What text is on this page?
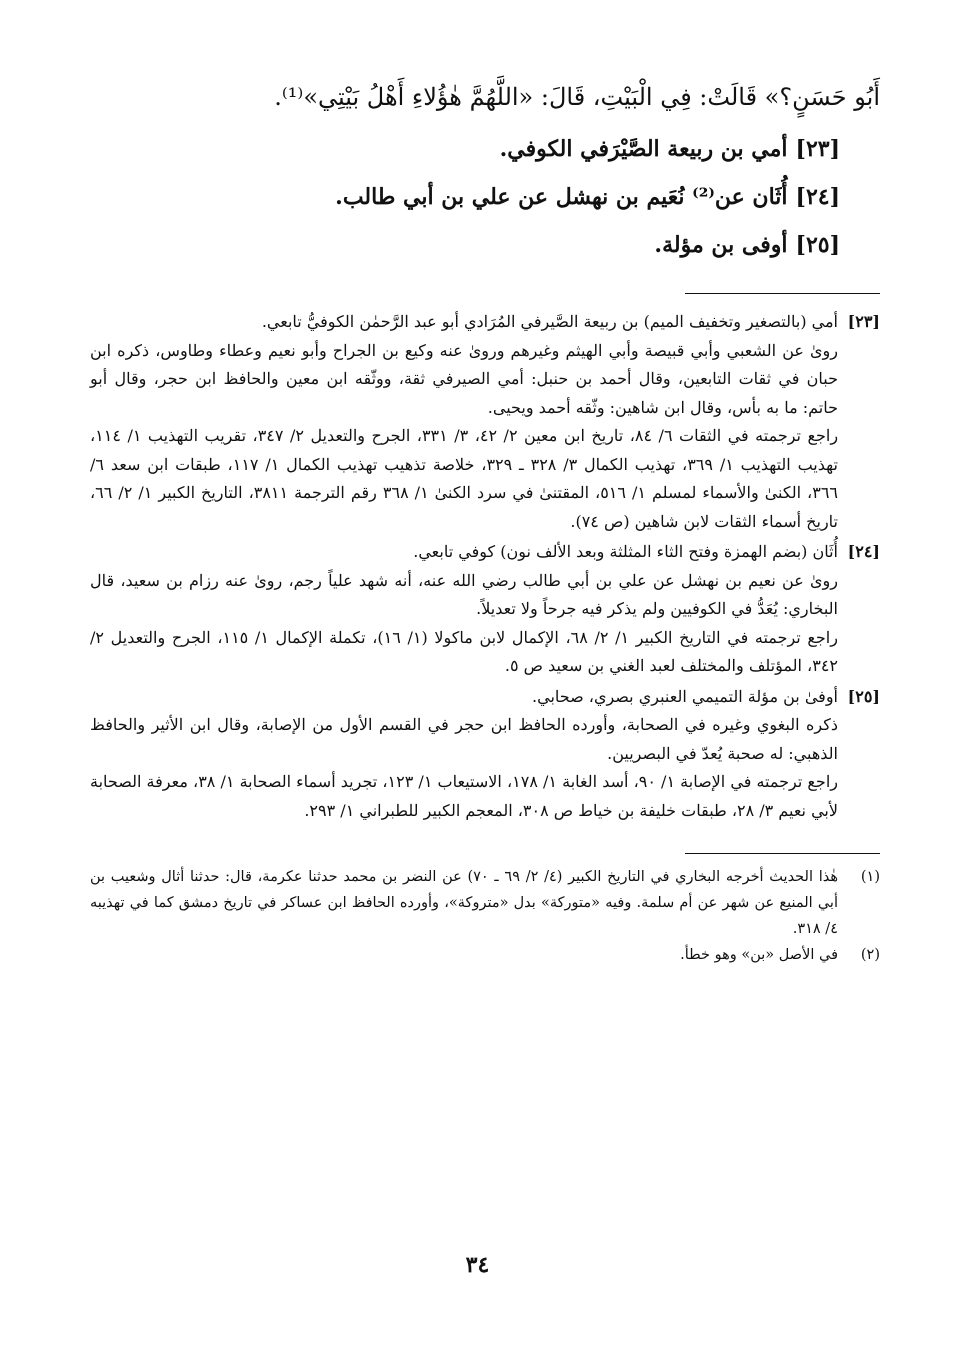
أَبُو حَسَنٍ؟» قَالَتْ: فِي الْبَيْتِ، قَالَ: «اللَّهُمَّ هٰؤُلاءِ أَهْلُ بَيْتِي»⁽¹⁾.

[٢٣]أمي بن ربيعة الصَّيْرَفي الكوفي.

[٢٤]أُثَان عن⁽²⁾ نُعَيم بن نهشل عن علي بن أبي طالب.

[٢٥]أوفى بن مؤلة.

[٢٣]

أمي (بالتصغير وتخفيف الميم) بن ربيعة الصَّيرفي المُرَادي أبو عبد الرَّحمٰن الكوفيُّ تابعي.

روىٰ عن الشعبي وأبي قبيصة وأبي الهيثم وغيرهم وروىٰ عنه وكيع بن الجراح وأبو نعيم وعطاء وطاوس، ذكره ابن حبان في ثقات التابعين، وقال أحمد بن حنبل: أمي الصيرفي ثقة، ووثّقه ابن معين والحافظ ابن حجر، وقال أبو حاتم: ما به بأس، وقال ابن شاهين: وثّقه أحمد ويحيى.

راجع ترجمته في الثقات ٦/ ٨٤، تاريخ ابن معين ٢/ ٤٢، ٣/ ٣٣١، الجرح والتعديل ٢/ ٣٤٧، تقريب التهذيب ١/ ١١٤، تهذيب التهذيب ١/ ٣٦٩، تهذيب الكمال ٣/ ٣٢٨ ـ ٣٢٩، خلاصة تذهيب تهذيب الكمال ١/ ١١٧، طبقات ابن سعد ٦/ ٣٦٦، الكنىٰ والأسماء لمسلم ١/ ٥١٦، المقتنىٰ في سرد الكنىٰ ١/ ٣٦٨ رقم الترجمة ٣٨١١، التاريخ الكبير ١/ ٢/ ٦٦، تاريخ أسماء الثقات لابن شاهين (ص ٧٤).

[٢٤]

أُثَان (بضم الهمزة وفتح الثاء المثلثة وبعد الألف نون) كوفي تابعي.

روىٰ عن نعيم بن نهشل عن علي بن أبي طالب رضي الله عنه، أنه شهد علياً رجم، روىٰ عنه رزام بن سعيد، قال البخاري: يُعَدُّ في الكوفيين ولم يذكر فيه جرحاً ولا تعديلاً.

راجع ترجمته في التاريخ الكبير ١/ ٢/ ٦٨، الإكمال لابن ماكولا (١/ ١٦)، تكملة الإكمال ١/ ١١٥، الجرح والتعديل ٢/ ٣٤٢، المؤتلف والمختلف لعبد الغني بن سعيد ص ٥.

[٢٥]

أوفىٰ بن مؤلة التميمي العنبري بصري، صحابي.

ذكره البغوي وغيره في الصحابة، وأورده الحافظ ابن حجر في القسم الأول من الإصابة، وقال ابن الأثير والحافظ الذهبي: له صحبة يُعدّ في البصريين.

راجع ترجمته في الإصابة ١/ ٩٠، أسد الغابة ١/ ١٧٨، الاستيعاب ١/ ١٢٣، تجريد أسماء الصحابة ١/ ٣٨، معرفة الصحابة لأبي نعيم ٣/ ٢٨، طبقات خليفة بن خياط ص ٣٠٨، المعجم الكبير للطبراني ١/ ٢٩٣.

(١)
هٰذا الحديث أخرجه البخاري في التاريخ الكبير (٤/ ٢/ ٦٩ ـ ٧٠) عن النضر بن محمد حدثنا عكرمة، قال: حدثنا أثال وشعيب بن أبي المنيع عن شهر عن أم سلمة. وفيه «متوركة» بدل «متروكة»، وأورده الحافظ ابن عساكر في تاريخ دمشق كما في تهذيبه ٤/ ٣١٨.
(٢)
في الأصل «بن» وهو خطأ.
٣٤
